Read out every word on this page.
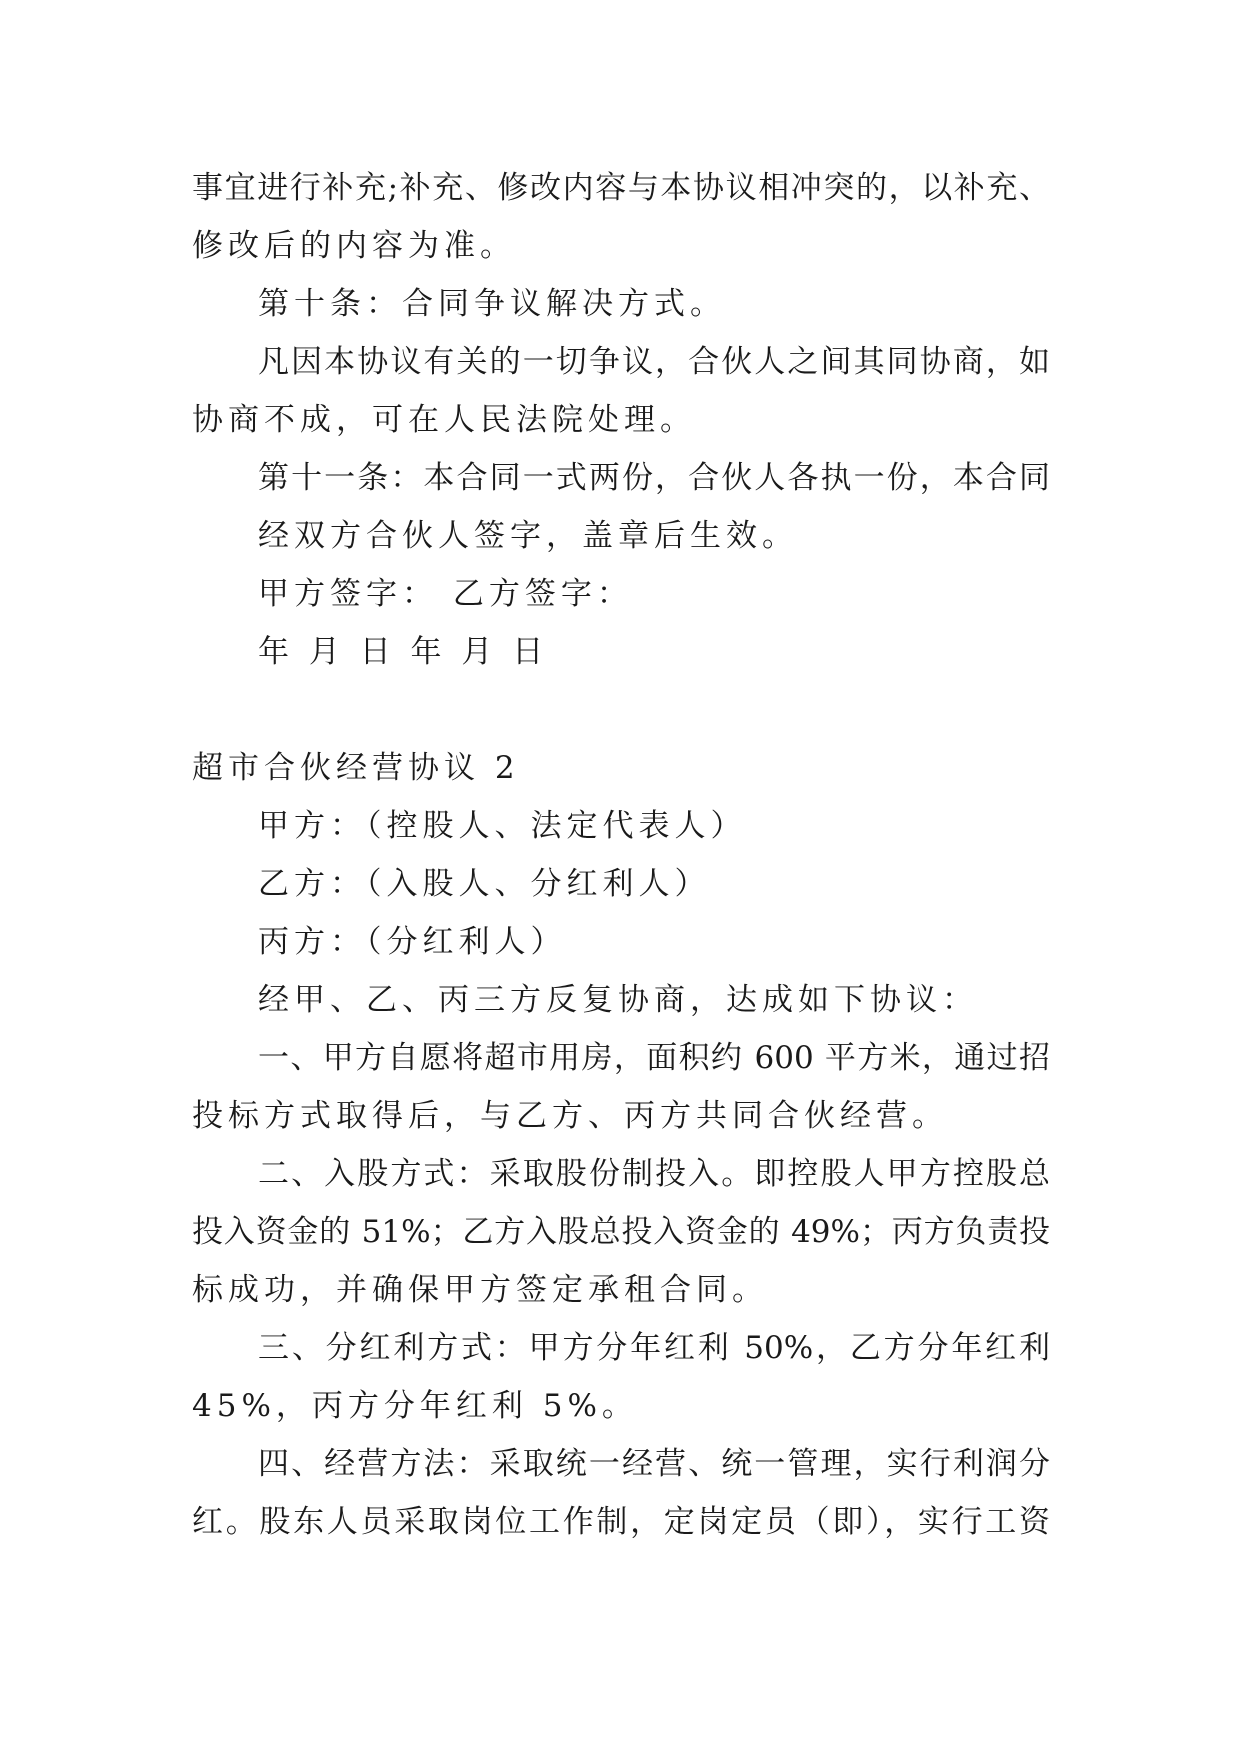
事宜进行补充;补充、修改内容与本协议相冲突的，以补充、
修改后的内容为准。
第十条：合同争议解决方式。
凡因本协议有关的一切争议，合伙人之间其同协商，如
协商不成，可在人民法院处理。
第十一条：本合同一式两份，合伙人各执一份，本合同
经双方合伙人签字，盖章后生效。
甲方签字： 乙方签字：
年 月 日 年 月 日
超市合伙经营协议 2
甲方：（控股人、法定代表人）
乙方：（入股人、分红利人）
丙方：（分红利人）
经甲、乙、丙三方反复协商，达成如下协议：
一、甲方自愿将超市用房，面积约 600 平方米，通过招
投标方式取得后，与乙方、丙方共同合伙经营。
二、入股方式：采取股份制投入。即控股人甲方控股总
投入资金的 51%；乙方入股总投入资金的 49%；丙方负责投
标成功，并确保甲方签定承租合同。
三、分红利方式：甲方分年红利 50%，乙方分年红利
45%，丙方分年红利 5%。
四、经营方法：采取统一经营、统一管理，实行利润分
红。股东人员采取岗位工作制，定岗定员（即），实行工资
